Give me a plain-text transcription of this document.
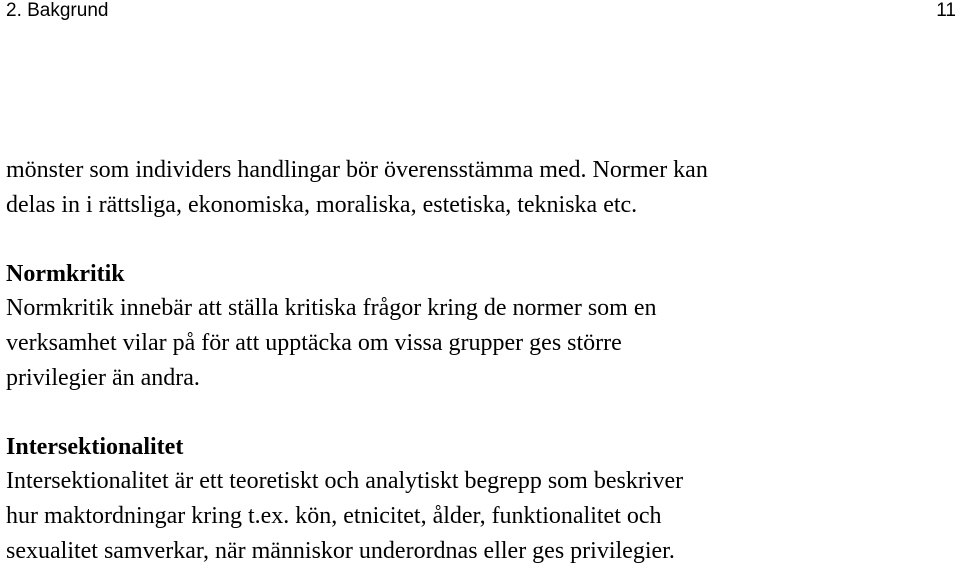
2. Bakgrund	11

mönster som individers handlingar bör överensstämma med. Normer kan
delas in i rättsliga, ekonomiska, moraliska, estetiska, tekniska etc.

Normkritik

Normkritik innebär att ställa kritiska frågor kring de normer som en
verksamhet vilar på för att upptäcka om vissa grupper ges större
privilegier än andra.

Intersektionalitet

Intersektionalitet är ett teoretiskt och analytiskt begrepp som beskriver
hur maktordningar kring t.ex. kön, etnicitet, ålder, funktionalitet och
sexualitet samverkar, när människor underordnas eller ges privilegier.
